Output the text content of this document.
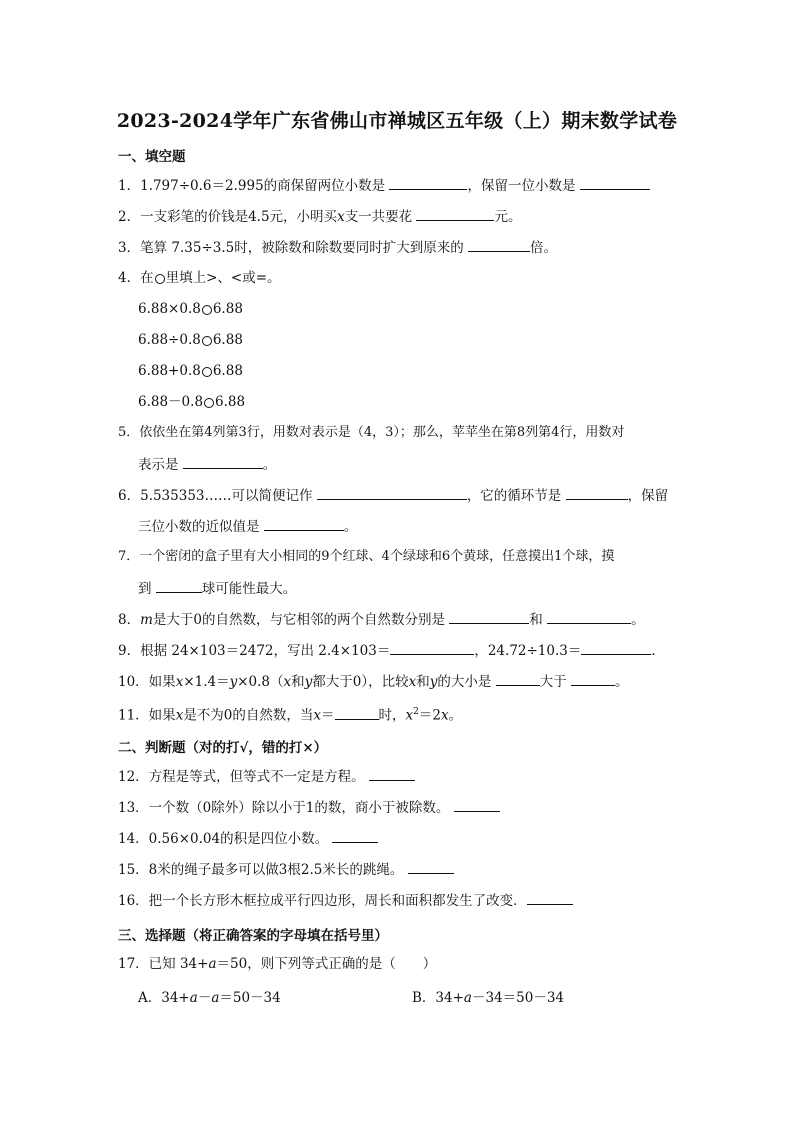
2023-2024学年广东省佛山市禅城区五年级（上）期末数学试卷
一、填空题
1．1.797÷0.6＝2.995的商保留两位小数是	，保留一位小数是
2．一支彩笔的价钱是4.5元，小明买x支一共要花	元。
3．笔算 7.35÷3.5时，被除数和除数要同时扩大到原来的	倍。
4．在 里填上>、<或=。
6.88×0.8 6.88
6.88÷0.8 6.88
6.88+0.8 6.88
6.88－0.8 6.88
5．依依坐在第4列第3行，用数对表示是（4，3）；那么，苹苹坐在第8列第4行，用数对
表示是	。
6．5.535353……可以简便记作	，它的循环节是	，保留
三位小数的近似值是	。
7．一个密闭的盒子里有大小相同的9个红球、4个绿球和6个黄球，任意摸出1个球，摸
到	球可能性最大。
8．m是大于0的自然数，与它相邻的两个自然数分别是	和	。
9．根据 24×103＝2472，写出 2.4×103＝	，24.72÷10.3＝	．
10．如果x×1.4＝y×0.8（x和y都大于0），比较x和y的大小是	大于	。
11．如果x是不为0的自然数，当x＝	时，$x^2=2x$。
二、判断题（对的打√，错的打×）
12．方程是等式，但等式不一定是方程。
13．一个数（0除外）除以小于1的数，商小于被除数。
14．0.56×0.04的积是四位小数。
15．8米的绳子最多可以做3根2.5米长的跳绳。
16．把一个长方形木框拉成平行四边形，周长和面积都发生了改变．
三、选择题（将正确答案的字母填在括号里）
17．已知 34+a＝50，则下列等式正确的是（　　）
A．34+a－a＝50－34	B．34+a－34＝50－34
